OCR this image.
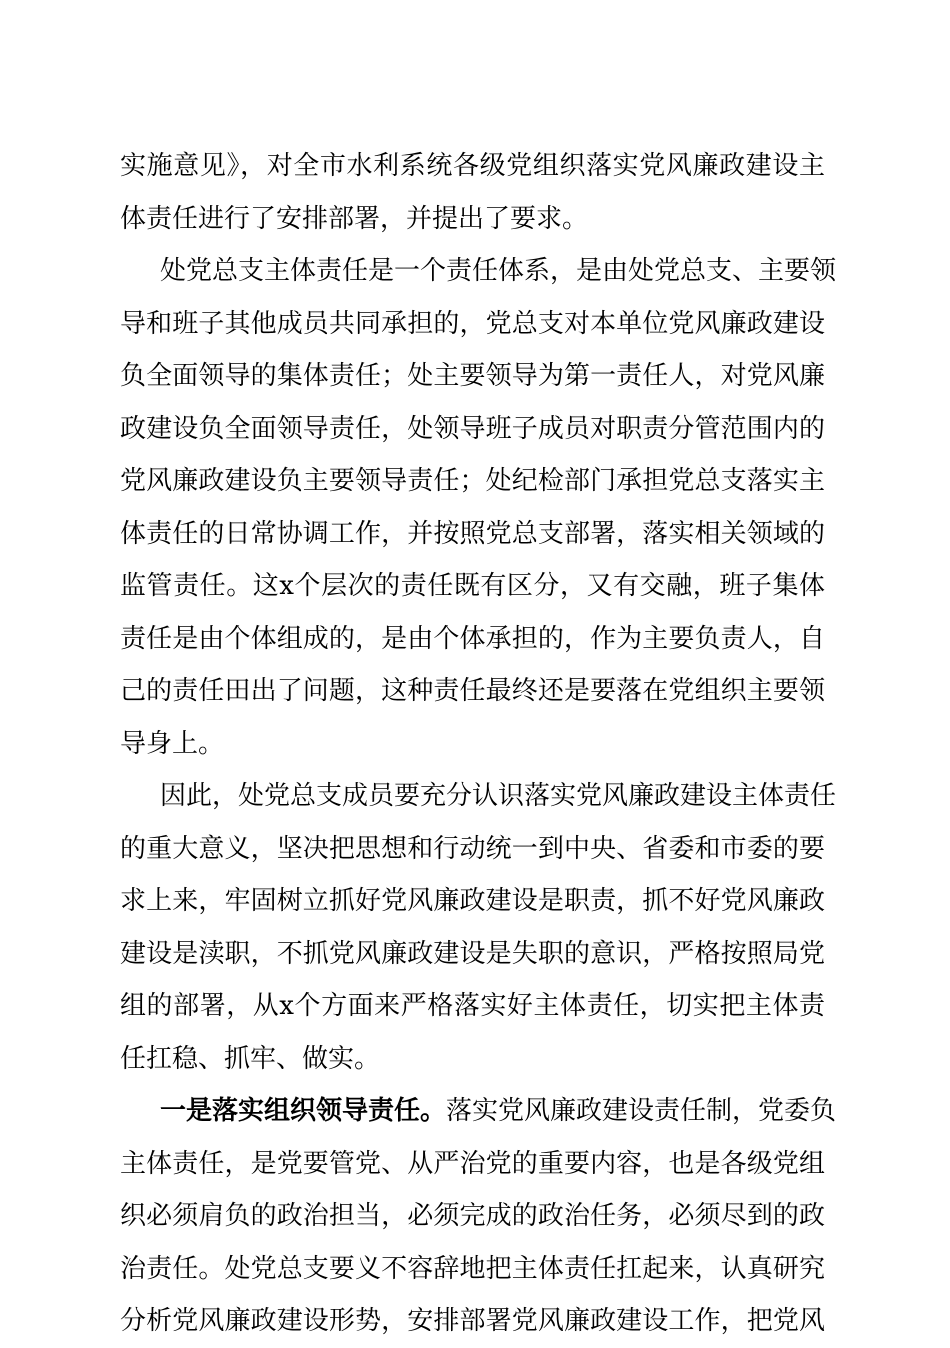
实施意见》，对全市水利系统各级党组织落实党风廉政建设主
体责任进行了安排部署，并提出了要求。
处党总支主体责任是一个责任体系，是由处党总支、主要领
导和班子其他成员共同承担的，党总支对本单位党风廉政建设
负全面领导的集体责任；处主要领导为第一责任人，对党风廉
政建设负全面领导责任，处领导班子成员对职责分管范围内的
党风廉政建设负主要领导责任；处纪检部门承担党总支落实主
体责任的日常协调工作，并按照党总支部署，落实相关领域的
监管责任。这x个层次的责任既有区分，又有交融，班子集体
责任是由个体组成的，是由个体承担的，作为主要负责人，自
己的责任田出了问题，这种责任最终还是要落在党组织主要领
导身上。
因此，处党总支成员要充分认识落实党风廉政建设主体责任
的重大意义，坚决把思想和行动统一到中央、省委和市委的要
求上来，牢固树立抓好党风廉政建设是职责，抓不好党风廉政
建设是渎职，不抓党风廉政建设是失职的意识，严格按照局党
组的部署，从x个方面来严格落实好主体责任，切实把主体责
任扛稳、抓牢、做实。
一是落实组织领导责任。落实党风廉政建设责任制，党委负
主体责任，是党要管党、从严治党的重要内容，也是各级党组
织必须肩负的政治担当，必须完成的政治任务，必须尽到的政
治责任。处党总支要义不容辞地把主体责任扛起来，认真研究
分析党风廉政建设形势，安排部署党风廉政建设工作，把党风
